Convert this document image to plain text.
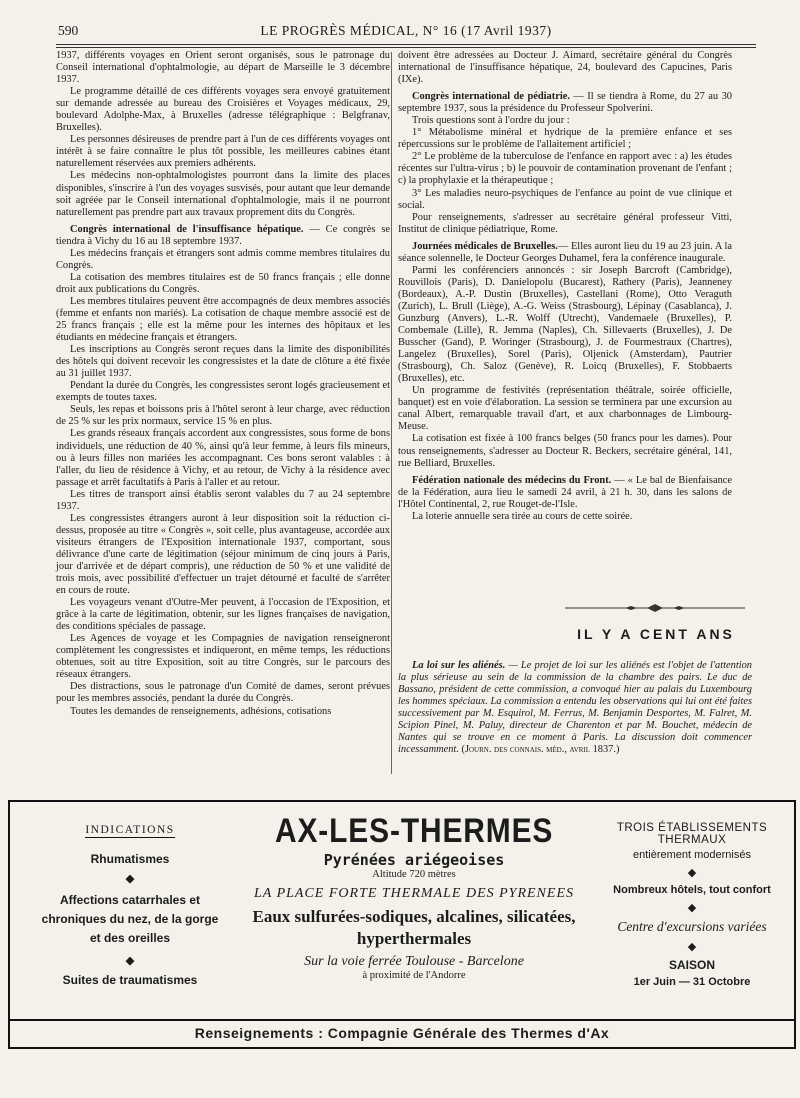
590	LE PROGRÈS MÉDICAL, N° 16 (17 Avril 1937)

1937, différents voyages en Orient seront organisés, sous le patronage du Conseil international d'ophtalmologie, au départ de Marseille le 3 décembre 1937.

Le programme détaillé de ces différents voyages sera envoyé gratuitement sur demande adressée au bureau des Croisières et Voyages médicaux, 29, boulevard Adolphe-Max, à Bruxelles (adresse télégraphique : Belgfranav, Bruxelles).

Les personnes désireuses de prendre part à l'un de ces différents voyages ont intérêt à se faire connaître le plus tôt possible, les meilleures cabines étant naturellement réservées aux premiers adhérents.

Les médecins non-ophtalmologistes pourront dans la limite des places disponibles, s'inscrire à l'un des voyages susvisés, pour autant que leur demande soit agréée par le Conseil international d'ophtalmologie, mais il ne pourront naturellement pas prendre part aux travaux proprement dits du Congrès.

Congrès international de l'insuffisance hépatique. — Ce congrès se tiendra à Vichy du 16 au 18 septembre 1937.

Les médecins français et étrangers sont admis comme membres titulaires du Congrès.

La cotisation des membres titulaires est de 50 francs français ; elle donne droit aux publications du Congrès.

Les membres titulaires peuvent être accompagnés de deux membres associés (femme et enfants non mariés). La cotisation de chaque membre associé est de 25 francs français ; elle est la même pour les internes des hôpitaux et les étudiants en médecine français et étrangers.

Les inscriptions au Congrès seront reçues dans la limite des disponibilités des hôtels qui doivent recevoir les congressistes et la date de clôture a été fixée au 31 juillet 1937.

Pendant la durée du Congrès, les congressistes seront logés gracieusement et exempts de toutes taxes.

Seuls, les repas et boissons pris à l'hôtel seront à leur charge, avec réduction de 25 % sur les prix normaux, service 15 % en plus.

Les grands réseaux français accordent aux congressistes, sous forme de bons individuels, une réduction de 40 %, ainsi qu'à leur femme, à leurs fils mineurs, ou à leurs filles non mariées les accompagnant. Ces bons seront valables : à l'aller, du lieu de résidence à Vichy, et au retour, de Vichy à la résidence avec passage et arrêt facultatifs à Paris à l'aller et au retour.

Les titres de transport ainsi établis seront valables du 7 au 24 septembre 1937.

Les congressistes étrangers auront à leur disposition soit la réduction ci-dessus, proposée au titre « Congrès », soit celle, plus avantageuse, accordée aux visiteurs étrangers de l'Exposition internationale 1937, comportant, sous délivrance d'une carte de légitimation (séjour minimum de cinq jours à Paris, jour d'arrivée et de départ compris), une réduction de 50 % et une validité de trois mois, avec possibilité d'effectuer un trajet détourné et faculté de s'arrêter en cours de route.

Les voyageurs venant d'Outre-Mer peuvent, à l'occasion de l'Exposition, et grâce à la carte de légitimation, obtenir, sur les lignes françaises de navigation, des conditions spéciales de passage.

Les Agences de voyage et les Compagnies de navigation renseigneront complètement les congressistes et indiqueront, en même temps, les réductions obtenues, soit au titre Exposition, soit au titre Congrès, sur le parcours des réseaux étrangers.

Des distractions, sous le patronage d'un Comité de dames, seront prévues pour les membres associés, pendant la durée du Congrès.

Toutes les demandes de renseignements, adhésions, cotisations

doivent être adressées au Docteur J. Aimard, secrétaire général du Congrès international de l'insuffisance hépatique, 24, boulevard des Capucines, Paris (IXe).

Congrès international de pédiatrie. — Il se tiendra à Rome, du 27 au 30 septembre 1937, sous la présidence du Professeur Spolverini.

Trois questions sont à l'ordre du jour :

1° Métabolisme minéral et hydrique de la première enfance et ses répercussions sur le problème de l'allaitement artificiel ;

2° Le problème de la tuberculose de l'enfance en rapport avec : a) les études récentes sur l'ultra-virus ; b) le pouvoir de contamination provenant de l'enfant ; c) la prophylaxie et la thérapeutique ;

3° Les maladies neuro-psychiques de l'enfance au point de vue clinique et social.

Pour renseignements, s'adresser au secrétaire général professeur Vitti, Institut de clinique pédiatrique, Rome.

Journées médicales de Bruxelles.— Elles auront lieu du 19 au 23 juin. A la séance solennelle, le Docteur Georges Duhamel, fera la conférence inaugurale.

Parmi les conférenciers annoncés : sir Joseph Barcroft (Cambridge), Rouvillois (Paris), D. Danielopolu (Bucarest), Rathery (Paris), Jeanneney (Bordeaux), A.-P. Dustin (Bruxelles), Castellani (Rome), Otto Veraguth (Zurich), L. Brull (Liège), A.-G. Weiss (Strasbourg), Lépinay (Casablanca), J. Gunzburg (Anvers), L.-R. Wolff (Utrecht), Vandemaele (Bruxelles), P. Combemale (Lille), R. Jemma (Naples), Ch. Sillevaerts (Bruxelles), J. De Busscher (Gand), P. Woringer (Strasbourg), J. de Fourmestraux (Chartres), Langelez (Bruxelles), Sorel (Paris), Oljenick (Amsterdam), Pautrier (Strasbourg), Ch. Saloz (Genève), R. Loicq (Bruxelles), F. Stobbaerts (Bruxelles), etc.

Un programme de festivités (représentation théâtrale, soirée officielle, banquet) est en voie d'élaboration. La session se terminera par une excursion au canal Albert, remarquable travail d'art, et aux charbonnages de Limbourg-Meuse.

La cotisation est fixée à 100 francs belges (50 francs pour les dames). Pour tous renseignements, s'adresser au Docteur R. Beckers, secrétaire général, 141, rue Belliard, Bruxelles.

Fédération nationale des médecins du Front. — « Le bal de Bienfaisance de la Fédération, aura lieu le samedi 24 avril, à 21 h. 30, dans les salons de l'Hôtel Continental, 2, rue Rouget-de-l'Isle.

La loterie annuelle sera tirée au cours de cette soirée.

IL Y A CENT ANS

La loi sur les aliénés. — Le projet de loi sur les aliénés est l'objet de l'attention la plus sérieuse au sein de la commission de la chambre des pairs. Le duc de Bassano, président de cette commission, a convoqué hier au palais du Luxembourg les hommes spéciaux. La commission a entendu les observations qui lui ont été faites successivement par M. Esquirol, M. Ferrus, M. Benjamin Desportes, M. Falret, M. Scipion Pinel, M. Paluy, directeur de Charenton et par M. Bouchet, médecin de Nantes qui se trouve en ce moment à Paris. La discussion doit commencer incessamment. (Journ. des connais. méd., avril 1837.)

INDICATIONS
Rhumatismes
◆
Affections catarrhales et chroniques du nez, de la gorge et des oreilles
◆
Suites de traumatismes
AX-LES-THERMES
Pyrénées ariégeoises
Altitude 720 mètres
LA PLACE FORTE THERMALE DES PYRENEES
Eaux sulfurées-sodiques, alcalines, silicatées, hyperthermales
Sur la voie ferrée Toulouse - Barcelone
à proximité de l'Andorre
TROIS ÉTABLISSEMENTS THERMAUX
entièrement modernisés
◆
Nombreux hôtels, tout confort
◆
Centre d'excursions variées
◆
SAISON
1er Juin — 31 Octobre
Renseignements : Compagnie Générale des Thermes d'Ax
